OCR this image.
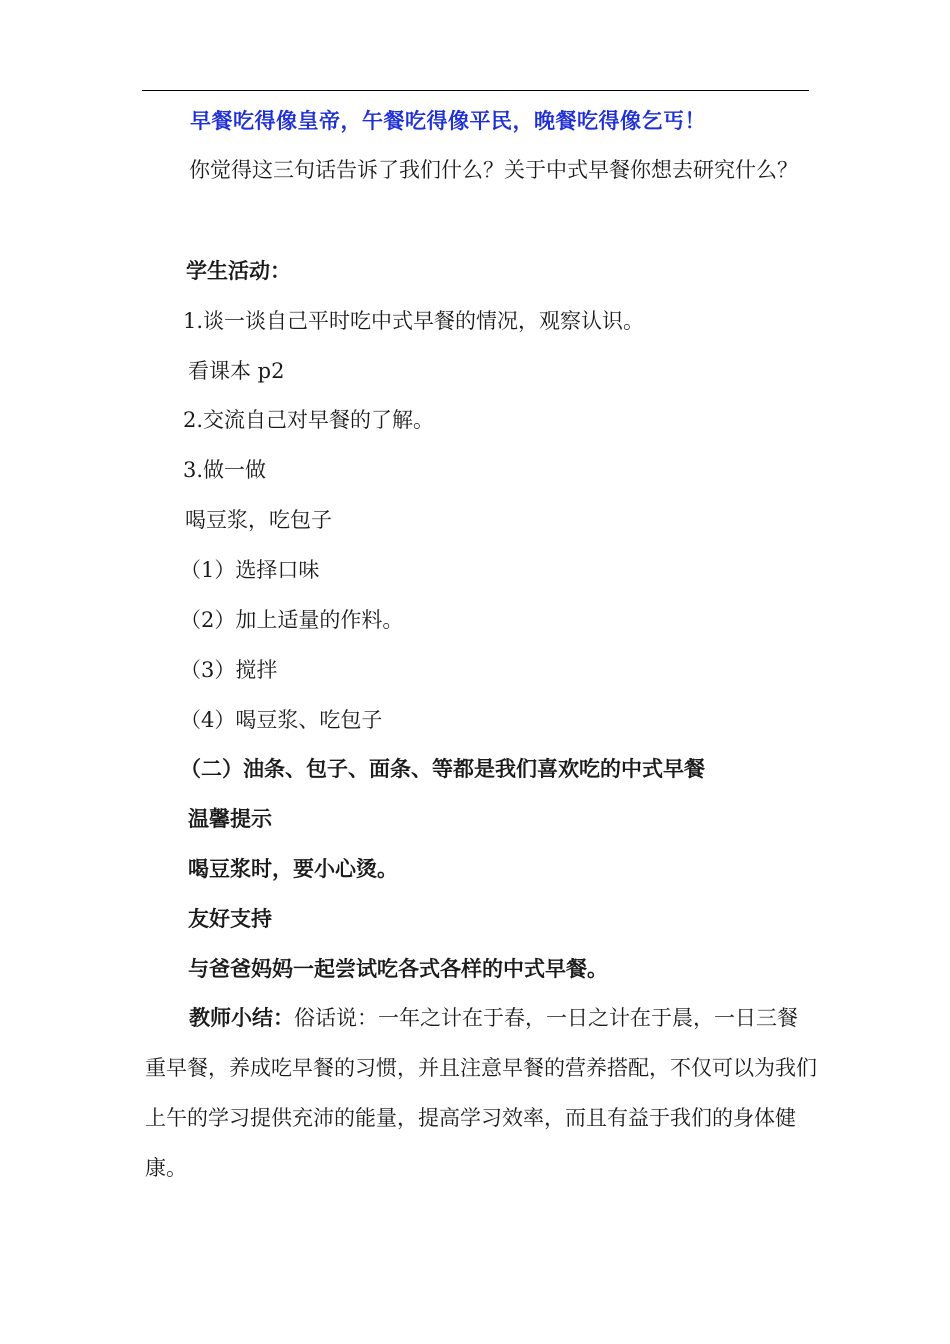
早餐吃得像皇帝，午餐吃得像平民，晚餐吃得像乞丐！
你觉得这三句话告诉了我们什么？关于中式早餐你想去研究什么？
学生活动：
1.谈一谈自己平时吃中式早餐的情况，观察认识。
看课本 p2
2.交流自己对早餐的了解。
3.做一做
喝豆浆，吃包子
（1）选择口味
（2）加上适量的作料。
（3）搅拌
（4）喝豆浆、吃包子
（二）油条、包子、面条、等都是我们喜欢吃的中式早餐
温馨提示
喝豆浆时，要小心烫。
友好支持
与爸爸妈妈一起尝试吃各式各样的中式早餐。
教师小结：俗话说：一年之计在于春，一日之计在于晨，一日三餐重早餐，养成吃早餐的习惯，并且注意早餐的营养搭配，不仅可以为我们上午的学习提供充沛的能量，提高学习效率，而且有益于我们的身体健康。
